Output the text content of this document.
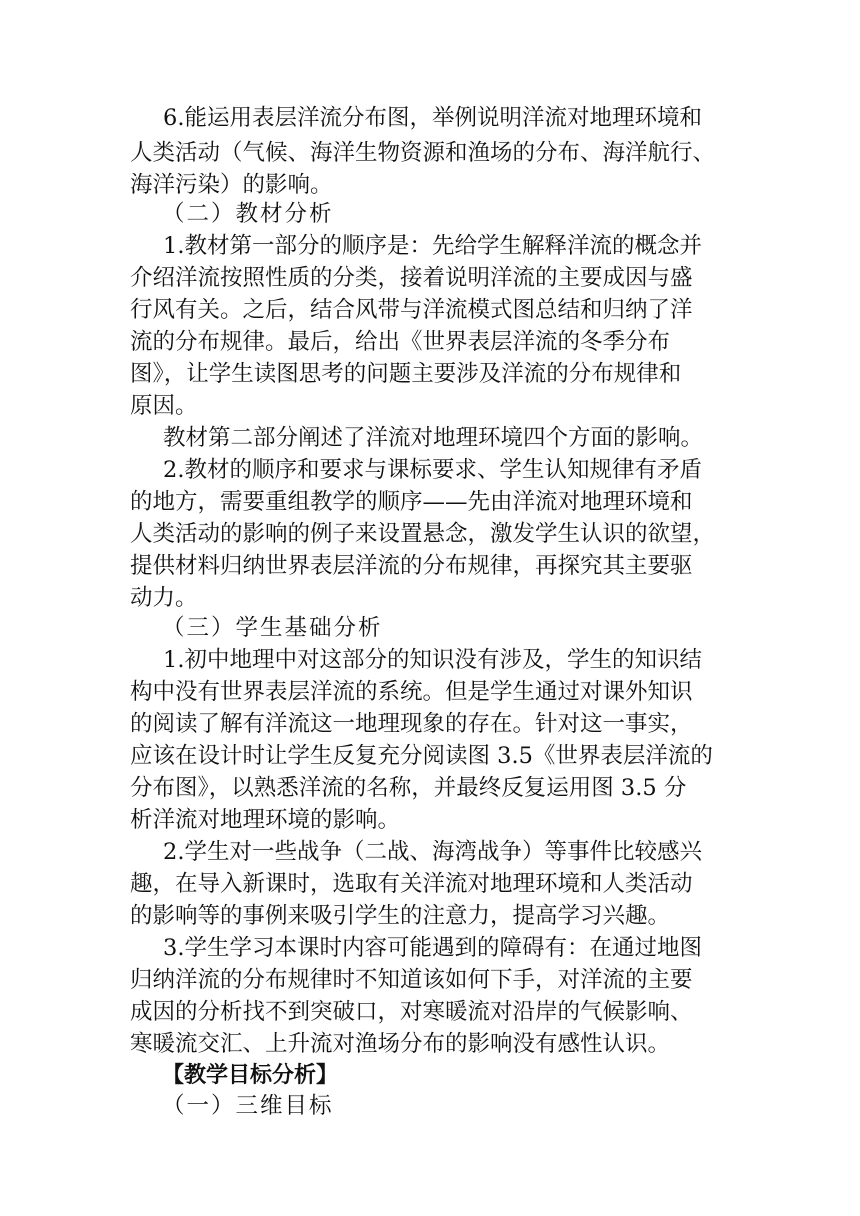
6.能运用表层洋流分布图，举例说明洋流对地理环境和
人类活动（气候、海洋生物资源和渔场的分布、海洋航行、
海洋污染）的影响。
（二）教材分析
1.教材第一部分的顺序是：先给学生解释洋流的概念并
介绍洋流按照性质的分类，接着说明洋流的主要成因与盛
行风有关。之后，结合风带与洋流模式图总结和归纳了洋
流的分布规律。最后，给出《世界表层洋流的冬季分布
图》，让学生读图思考的问题主要涉及洋流的分布规律和
原因。
教材第二部分阐述了洋流对地理环境四个方面的影响。
2.教材的顺序和要求与课标要求、学生认知规律有矛盾
的地方，需要重组教学的顺序——先由洋流对地理环境和
人类活动的影响的例子来设置悬念，激发学生认识的欲望，
提供材料归纳世界表层洋流的分布规律，再探究其主要驱
动力。
（三）学生基础分析
1.初中地理中对这部分的知识没有涉及，学生的知识结
构中没有世界表层洋流的系统。但是学生通过对课外知识
的阅读了解有洋流这一地理现象的存在。针对这一事实，
应该在设计时让学生反复充分阅读图 3.5《世界表层洋流的
分布图》，以熟悉洋流的名称，并最终反复运用图 3.5 分
析洋流对地理环境的影响。
2.学生对一些战争（二战、海湾战争）等事件比较感兴
趣，在导入新课时，选取有关洋流对地理环境和人类活动
的影响等的事例来吸引学生的注意力，提高学习兴趣。
3.学生学习本课时内容可能遇到的障碍有：在通过地图
归纳洋流的分布规律时不知道该如何下手，对洋流的主要
成因的分析找不到突破口，对寒暖流对沿岸的气候影响、
寒暖流交汇、上升流对渔场分布的影响没有感性认识。
【教学目标分析】
（一）三维目标
